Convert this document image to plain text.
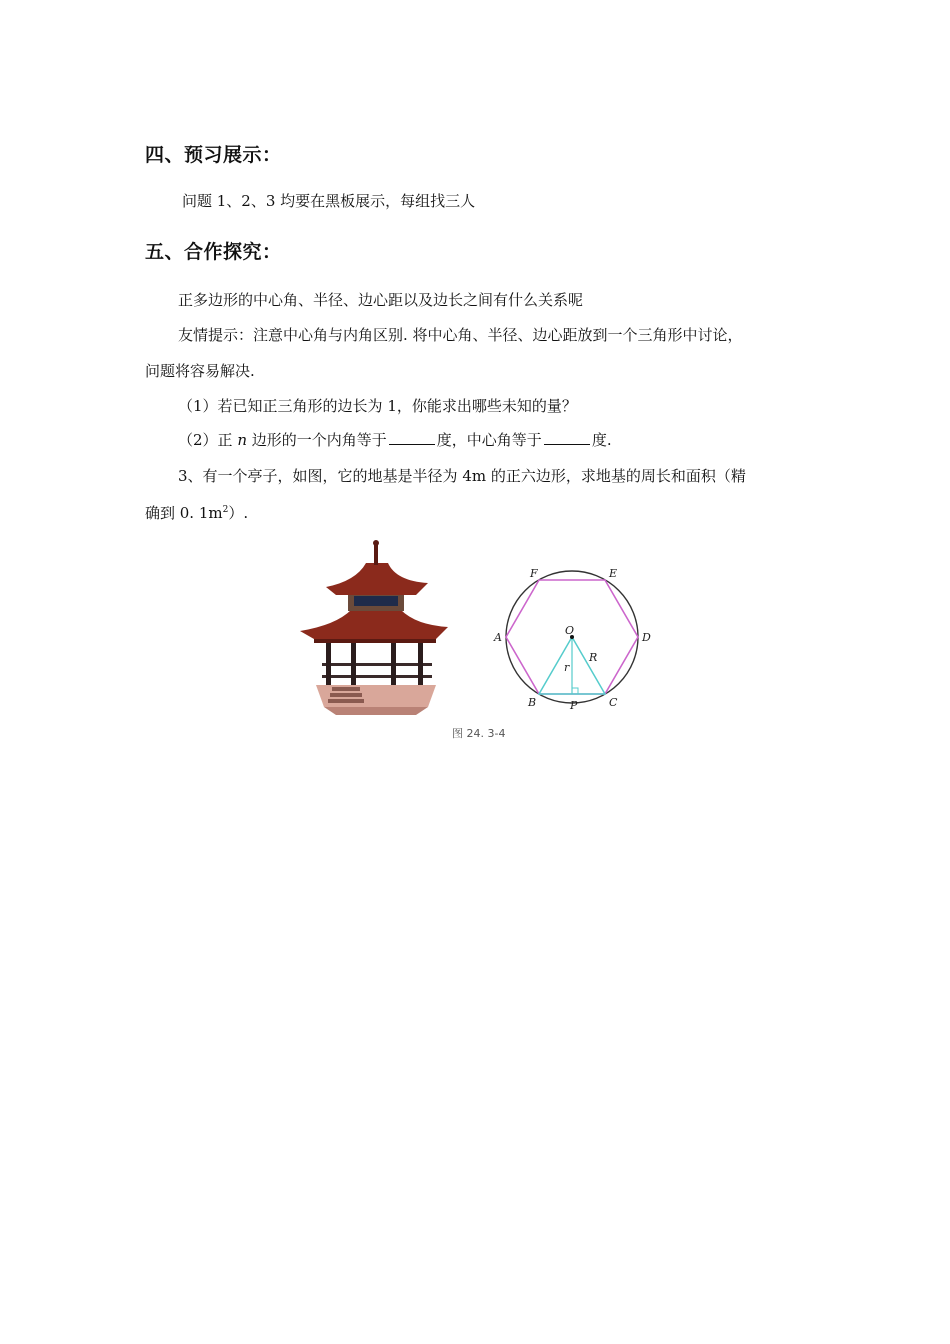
四、预习展示：
问题 1、2、3 均要在黑板展示，每组找三人
五、合作探究：
正多边形的中心角、半径、边心距以及边长之间有什么关系呢
友情提示：注意中心角与内角区别. 将中心角、半径、边心距放到一个三角形中讨论，
问题将容易解决.
（1）若已知正三角形的边长为 1，你能求出哪些未知的量？
（2）正 n 边形的一个内角等于	度，中心角等于	度.
3、有一个亭子，如图，它的地基是半径为 4m 的正六边形，求地基的周长和面积（精
确到 0. $1m^2$）.
A
B	C
D
E
F
O
P
r
R
图 24. 3-4
